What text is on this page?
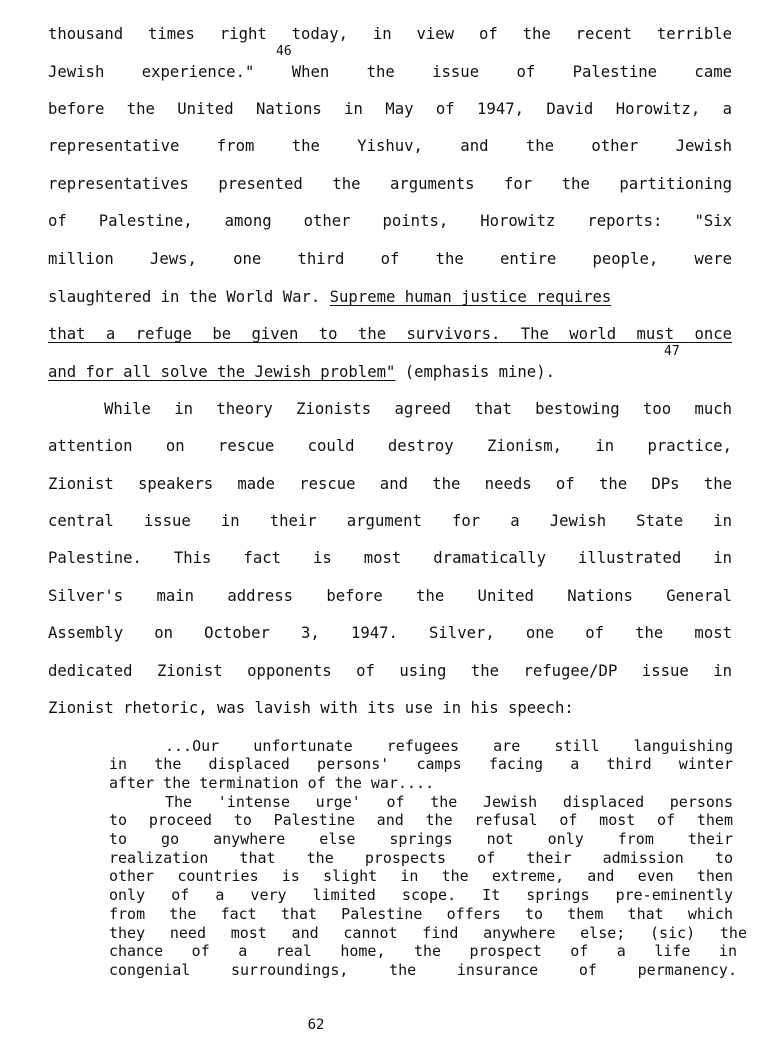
thousand times right today, in view of the recent terrible
46
Jewish experience." When the issue of Palestine came
before the United Nations in May of 1947, David Horowitz, a
representative from the Yishuv, and the other Jewish
representatives presented the arguments for the partitioning
of Palestine, among other points, Horowitz reports: "Six
million Jews, one third of the entire people, were
slaughtered in the World War. Supreme human justice requires
that a refuge be given to the survivors. The world must once
47
and for all solve the Jewish problem" (emphasis mine).
While in theory Zionists agreed that bestowing too much
attention on rescue could destroy Zionism, in practice,
Zionist speakers made rescue and the needs of the DPs the
central issue in their argument for a Jewish State in
Palestine. This fact is most dramatically illustrated in
Silver's main address before the United Nations General
Assembly on October 3, 1947. Silver, one of the most
dedicated Zionist opponents of using the refugee/DP issue in
Zionist rhetoric, was lavish with its use in his speech:
...Our unfortunate refugees are still languishing
in the displaced persons' camps facing a third winter
after the termination of the war....
The 'intense urge' of the Jewish displaced persons
to proceed to Palestine and the refusal of most of them
to go anywhere else springs not only from their
realization that the prospects of their admission to
other countries is slight in the extreme, and even then
only of a very limited scope. It springs pre-eminently
from the fact that Palestine offers to them that which
they need most and cannot find anywhere else; (sic) the
chance of a real home, the prospect of a life in
congenial surroundings, the insurance of permanency.
62
